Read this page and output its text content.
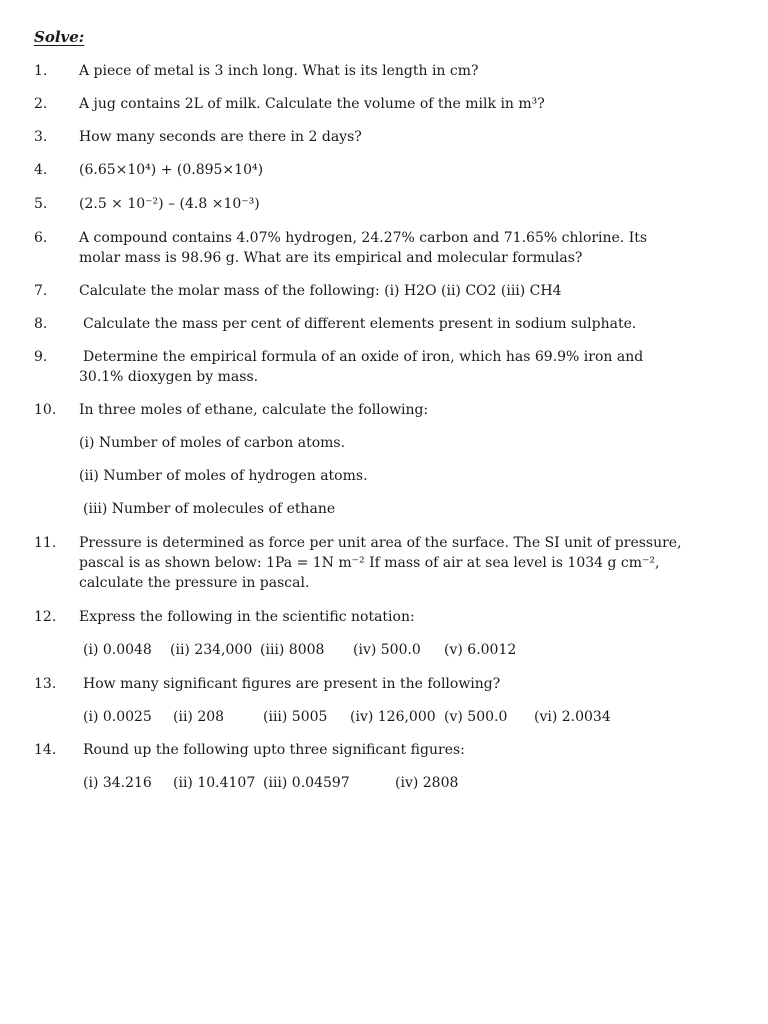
Solve:
1. A piece of metal is 3 inch long. What is its length in cm?
2. A jug contains 2L of milk. Calculate the volume of the milk in m³?
3. How many seconds are there in 2 days?
4. (6.65×10⁴) + (0.895×10⁴)
5. (2.5 × 10⁻²) – (4.8 ×10⁻³)
6. A compound contains 4.07% hydrogen, 24.27% carbon and 71.65% chlorine. Its molar mass is 98.96 g. What are its empirical and molecular formulas?
7. Calculate the molar mass of the following: (i) H2O (ii) CO2 (iii) CH4
8.	Calculate the mass per cent of different elements present in sodium sulphate.
9.	Determine the empirical formula of an oxide of iron, which has 69.9% iron and 30.1% dioxygen by mass.
10. In three moles of ethane, calculate the following:
(i) Number of moles of carbon atoms.
(ii) Number of moles of hydrogen atoms.
(iii) Number of molecules of ethane
11. Pressure is determined as force per unit area of the surface. The SI unit of pressure, pascal is as shown below: 1Pa = 1N m⁻² If mass of air at sea level is 1034 g cm⁻², calculate the pressure in pascal.
12. Express the following in the scientific notation:
(i) 0.0048 (ii) 234,000 (iii) 8008 (iv) 500.0 (v) 6.0012
13. How many significant figures are present in the following?
(i) 0.0025 (ii) 208	(iii) 5005 (iv) 126,000 (v) 500.0 (vi) 2.0034
14. Round up the following upto three significant figures:
(i) 34.216 (ii) 10.4107 (iii) 0.04597	(iv) 2808
